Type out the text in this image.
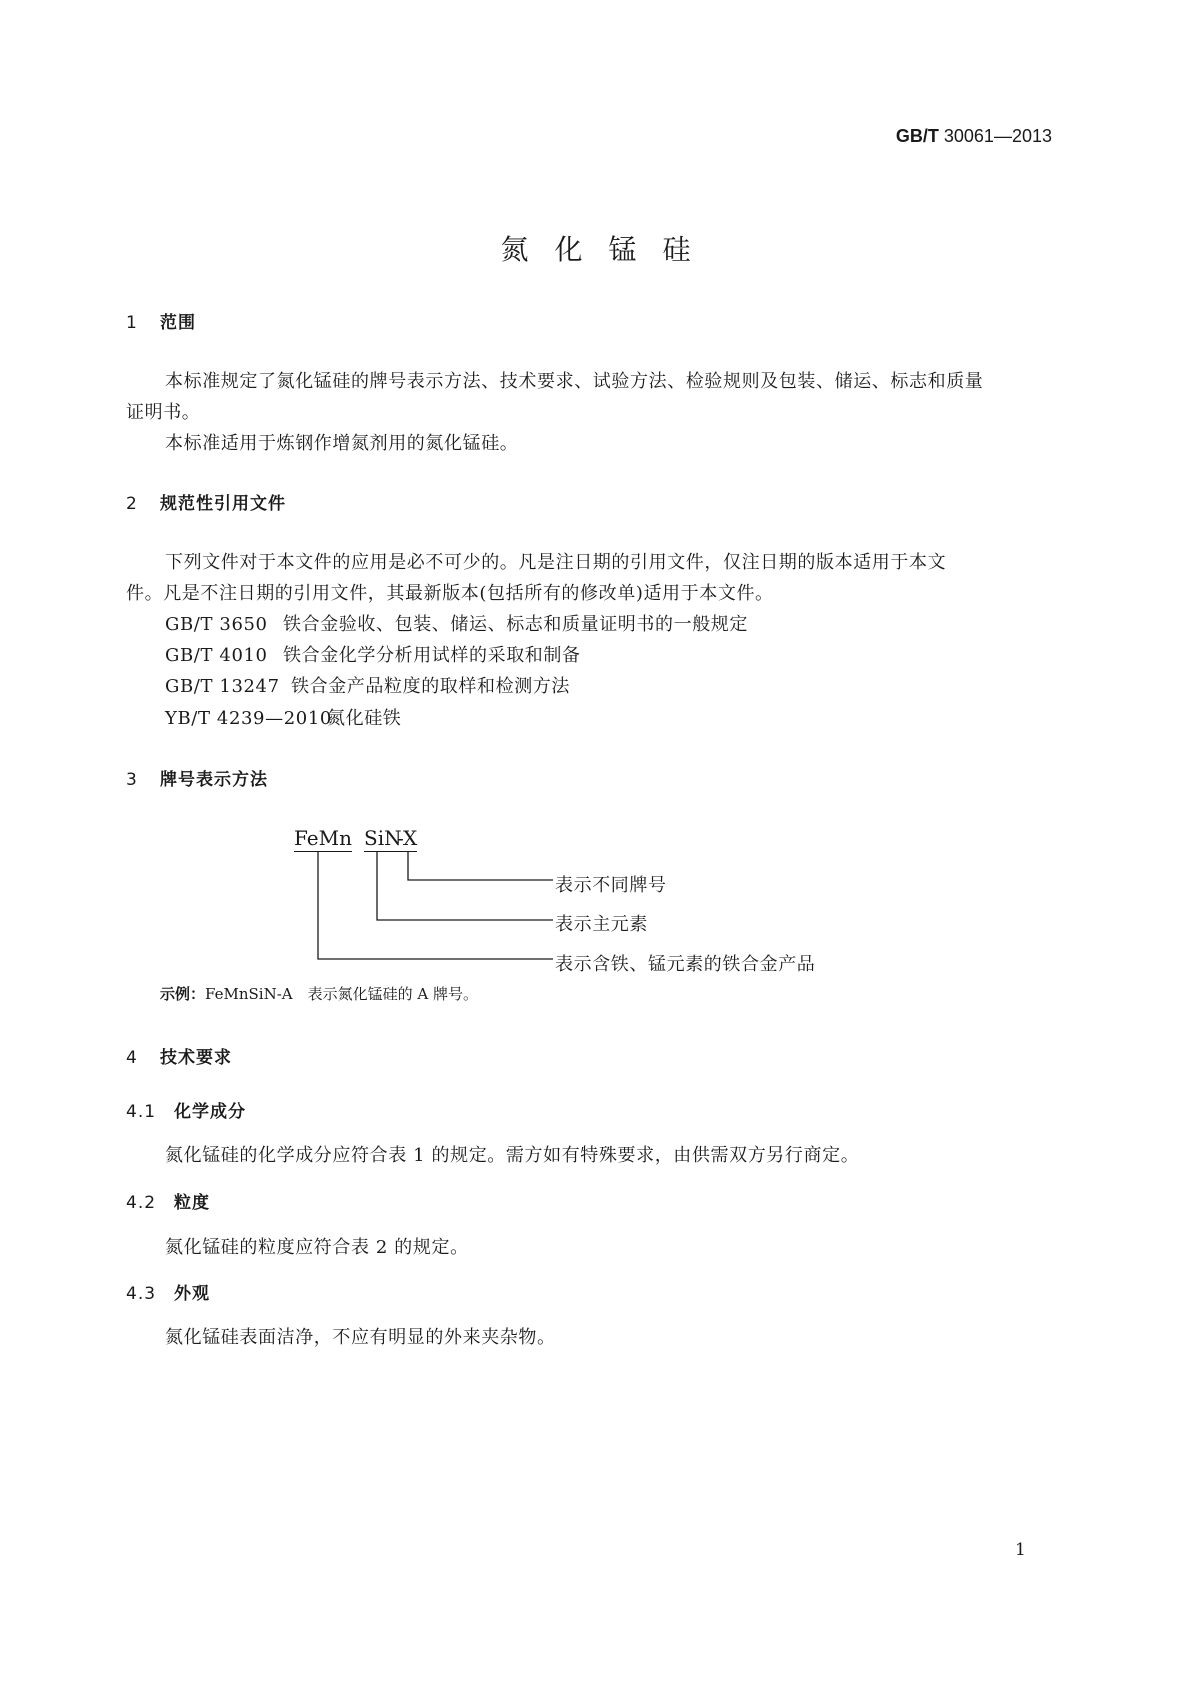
GB/T 30061—2013
氮化锰硅
1 范围
本标准规定了氮化锰硅的牌号表示方法、技术要求、试验方法、检验规则及包装、储运、标志和质量
证明书。
本标准适用于炼钢作增氮剂用的氮化锰硅。
2 规范性引用文件
下列文件对于本文件的应用是必不可少的。凡是注日期的引用文件，仅注日期的版本适用于本文
件。凡是不注日期的引用文件，其最新版本(包括所有的修改单)适用于本文件。
GB/T 3650 铁合金验收、包装、储运、标志和质量证明书的一般规定
GB/T 4010 铁合金化学分析用试样的采取和制备
GB/T 13247 铁合金产品粒度的取样和检测方法
YB/T 4239—2010氮化硅铁
3 牌号表示方法
FeMn SiN
-X
表示不同牌号
表示主元素
表示含铁、锰元素的铁合金产品
示例：FeMnSiN-A　表示氮化锰硅的 A 牌号。
4 技术要求
4.1 化学成分
氮化锰硅的化学成分应符合表 1 的规定。需方如有特殊要求，由供需双方另行商定。
4.2 粒度
氮化锰硅的粒度应符合表 2 的规定。
4.3 外观
氮化锰硅表面洁净，不应有明显的外来夹杂物。
1
